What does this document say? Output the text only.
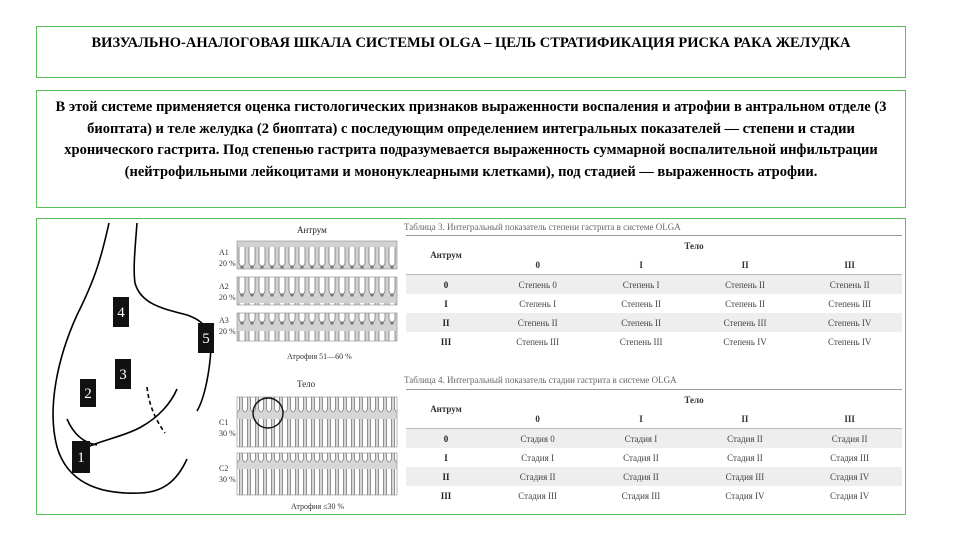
ВИЗУАЛЬНО-АНАЛОГОВАЯ ШКАЛА СИСТЕМЫ OLGA – ЦЕЛЬ СТРАТИФИКАЦИЯ РИСКА РАКА ЖЕЛУДКА

В этой системе применяется оценка гистологических признаков выраженности воспаления и атрофии в антральном отделе (3 биоптата) и теле желудка (2 биоптата) с последующим определением интегральных показателей — степени и стадии хронического гастрита. Под степенью гастрита подразумевается выраженность суммарной воспалительной инфильтрации (нейтрофильными лейкоцитами и мононуклеарными клетками), под стадией — выраженность атрофии.

4
5
3
2
1
Антрум
A1
20 %
A2
20 %
A3
20 %
Атрофия 51—60 %
Тело
C1
30 %
C2
30 %
Атрофия ≤30 %
Таблица 3. Интегральный показатель степени гастрита в системе OLGA
Антрум	Тело			
	0	I	II	III
0	Степень 0	Степень I	Степень II	Степень II
I	Степень I	Степень II	Степень II	Степень III
II	Степень II	Степень II	Степень III	Степень IV
III	Степень III	Степень III	Степень IV	Степень IV
Таблица 4. Интегральный показатель стадии гастрита в системе OLGA
Антрум	Тело			
	0	I	II	III
0	Стадия 0	Стадия I	Стадия II	Стадия II
I	Стадия I	Стадия II	Стадия II	Стадия III
II	Стадия II	Стадия II	Стадия III	Стадия IV
III	Стадия III	Стадия III	Стадия IV	Стадия IV
